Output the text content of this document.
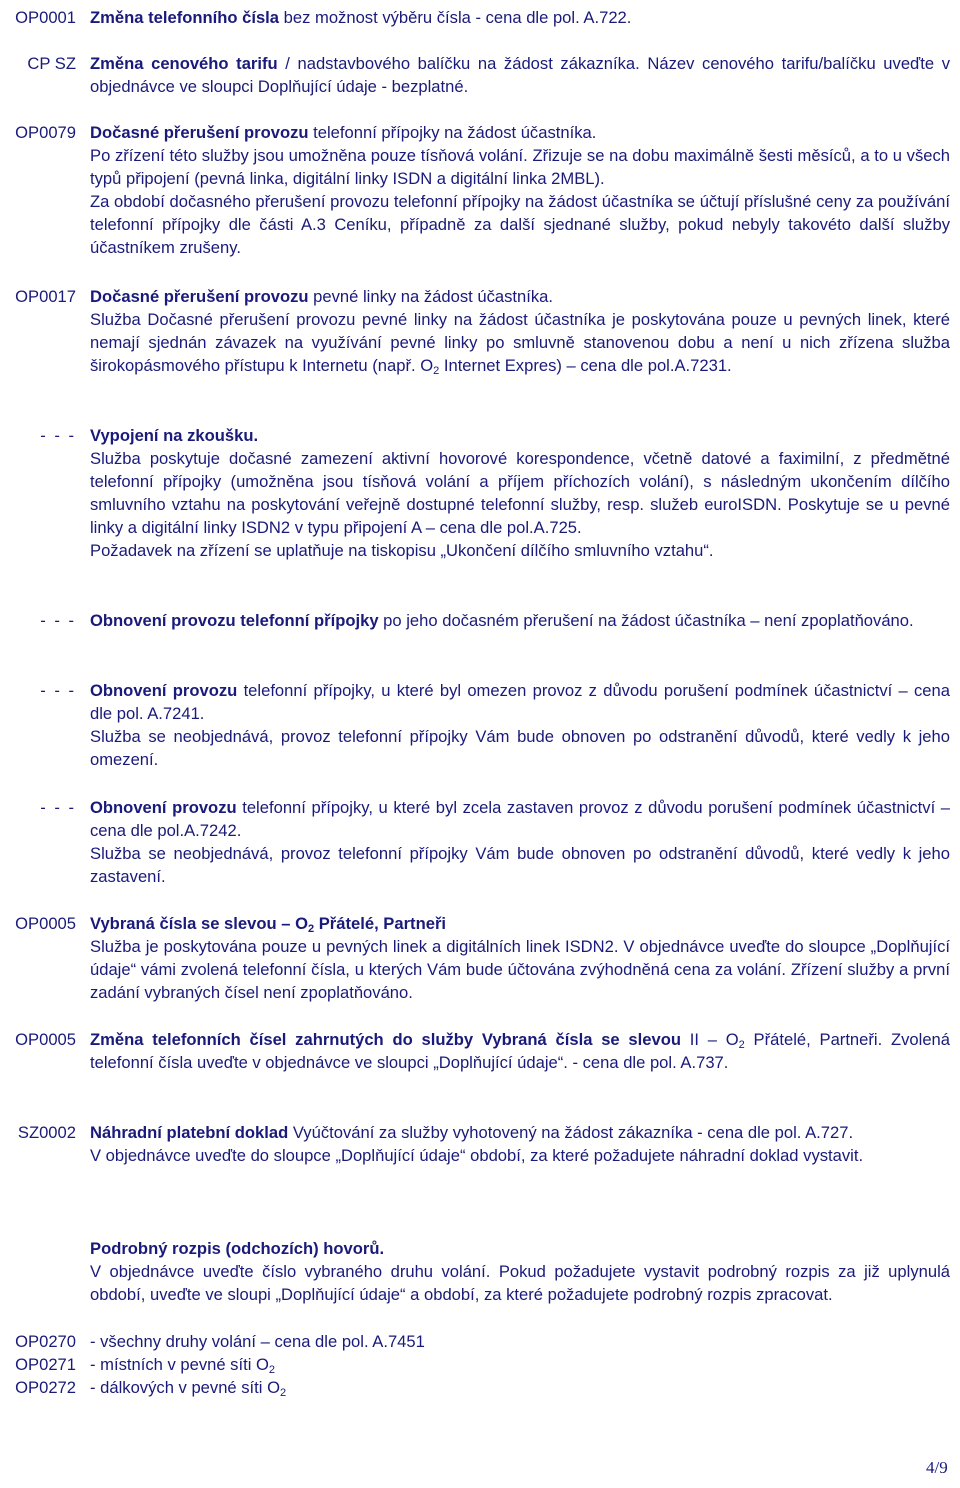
OP0001 Změna telefonního čísla bez možnost výběru čísla - cena dle pol. A.722.

CP SZ Změna cenového tarifu / nadstavbového balíčku na žádost zákazníka. Název cenového tarifu/balíčku uveďte v objednávce ve sloupci Doplňující údaje - bezplatné.

OP0079 Dočasné přerušení provozu telefonní přípojky na žádost účastníka.

Po zřízení této služby jsou umožněna pouze tísňová volání. Zřizuje se na dobu maximálně šesti měsíců, a to u všech typů připojení (pevná linka, digitální linky ISDN a digitální linka 2MBL).

Za období dočasného přerušení provozu telefonní přípojky na žádost účastníka se účtují příslušné ceny za používání telefonní přípojky dle části A.3 Ceníku, případně za další sjednané služby, pokud nebyly takovéto další služby účastníkem zrušeny.

OP0017 Dočasné přerušení provozu pevné linky na žádost účastníka.

Služba Dočasné přerušení provozu pevné linky na žádost účastníka je poskytována pouze u pevných linek, které nemají sjednán závazek na využívání pevné linky po smluvně stanovenou dobu a není u nich zřízena služba širokopásmového přístupu k Internetu (např. $O_2$ Internet Expres) – cena dle pol.A.7231.

- - - Vypojení na zkoušku.

Služba poskytuje dočasné zamezení aktivní hovorové korespondence, včetně datové a faximilní, z předmětné telefonní přípojky (umožněna jsou tísňová volání a příjem příchozích volání), s následným ukončením dílčího smluvního vztahu na poskytování veřejně dostupné telefonní služby, resp. služeb euroISDN. Poskytuje se u pevné linky a digitální linky ISDN2 v typu připojení A – cena dle pol.A.725.

Požadavek na zřízení se uplatňuje na tiskopisu „Ukončení dílčího smluvního vztahu“.

- - - Obnovení provozu telefonní přípojky po jeho dočasném přerušení na žádost účastníka – není zpoplatňováno.

- - - Obnovení provozu telefonní přípojky, u které byl omezen provoz z důvodu porušení podmínek účastnictví – cena dle pol. A.7241.

Služba se neobjednává, provoz telefonní přípojky Vám bude obnoven po odstranění důvodů, které vedly k jeho omezení.

- - - Obnovení provozu telefonní přípojky, u které byl zcela zastaven provoz z důvodu porušení podmínek účastnictví – cena dle pol.A.7242.

Služba se neobjednává, provoz telefonní přípojky Vám bude obnoven po odstranění důvodů, které vedly k jeho zastavení.

OP0005 Vybraná čísla se slevou – $O_2$ Přátelé, Partneři

Služba je poskytována pouze u pevných linek a digitálních linek ISDN2. V objednávce uveďte do sloupce „Doplňující údaje“ vámi zvolená telefonní čísla, u kterých Vám bude účtována zvýhodněná cena za volání. Zřízení služby a první zadání vybraných čísel není zpoplatňováno.

OP0005 Změna telefonních čísel zahrnutých do služby Vybraná čísla se slevou II – $O_2$ Přátelé, Partneři. Zvolená telefonní čísla uveďte v objednávce ve sloupci „Doplňující údaje“. - cena dle pol. A.737.

SZ0002 Náhradní platební doklad Vyúčtování za služby vyhotovený na žádost zákazníka - cena dle pol. A.727.

V objednávce uveďte do sloupce „Doplňující údaje“ období, za které požadujete náhradní doklad vystavit.

Podrobný rozpis (odchozích) hovorů.

V objednávce uveďte číslo vybraného druhu volání. Pokud požadujete vystavit podrobný rozpis za již uplynulá období, uveďte ve sloupi „Doplňující údaje“ a období, za které požadujete podrobný rozpis zpracovat.

OP0270 - všechny druhy volání – cena dle pol. A.7451
OP0271 - místních v pevné síti $O_2$
OP0272 - dálkových v pevné síti $O_2$
4/9
